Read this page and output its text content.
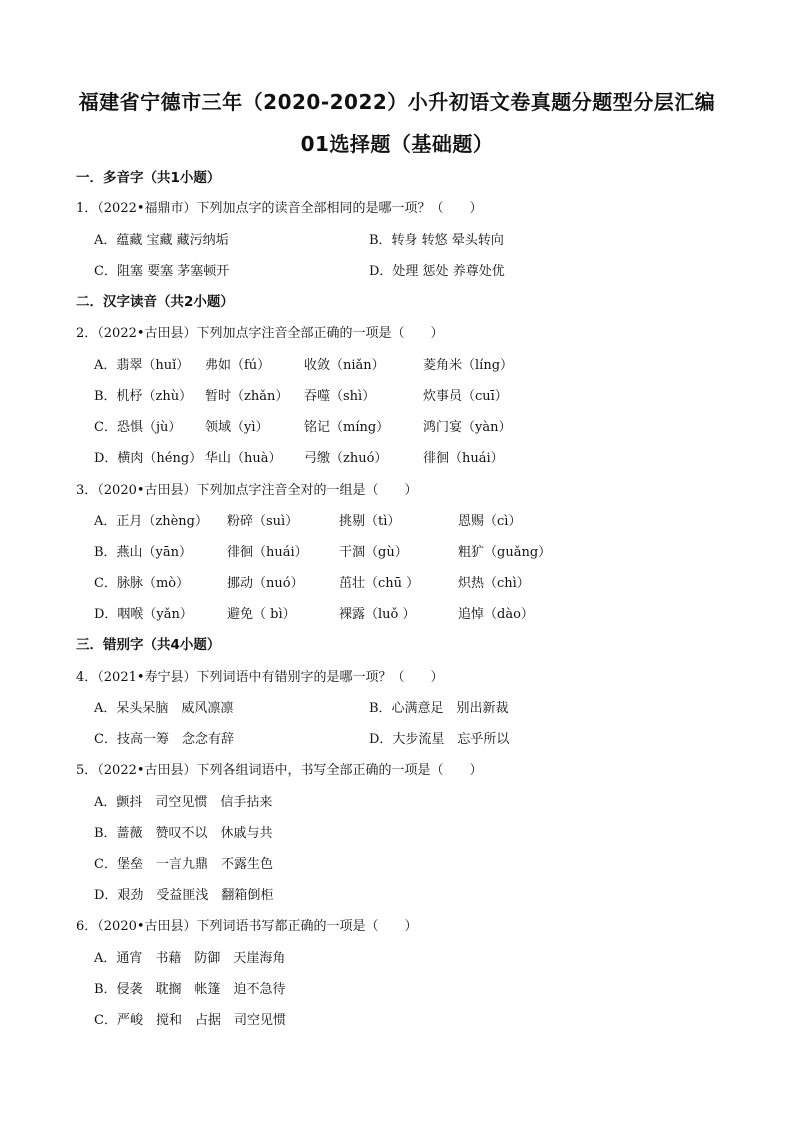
福建省宁德市三年（2020-2022）小升初语文卷真题分题型分层汇编
01选择题（基础题）
一．多音字（共1小题）
1．（2022•福鼎市）下列加点字的读音全部相同的是哪一项？（　　）
A．蕴藏 宝藏 藏污纳垢	B．转身 转悠 晕头转向
C．阻塞 要塞 茅塞顿开	D．处理 惩处 养尊处优
二．汉字读音（共2小题）
2．（2022•古田县）下列加点字注音全部正确的一项是（　　）
A．翡翠（huǐ） 弗如（fú）	收敛（niǎn）	菱角米（líng）
B．机杼（zhù） 暂时（zhǎn） 吞噬（shì）	炊事员（cuī）
C．恐惧（jù） 领域（yì）	铭记（míng）	鸿门宴（yàn）
D．横肉（héng） 华山（huà） 弓缴（zhuó）	徘徊（huái）
3．（2020•古田县）下列加点字注音全对的一组是（　　）
A．正月（zhèng） 粉碎（suì）	挑剔（tì）	恩赐（cì）
B．燕山（yān）	徘徊（huái） 干涸（gù）	粗犷（guǎng）
C．脉脉（mò）	挪动（nuó）	茁壮（chū ）	炽热（chì）
D．咽喉（yǎn）	避免（ bì）	裸露（luǒ ）	追悼（dào）
三．错别字（共4小题）
4．（2021•寿宁县）下列词语中有错别字的是哪一项？（　　）
A．呆头呆脑　威风凛凛	B．心满意足　别出新裁
C．技高一筹　念念有辞	D．大步流星　忘乎所以
5．（2022•古田县）下列各组词语中，书写全部正确的一项是（　　）
A．颤抖　司空见惯　信手拈来
B．蔷薇　赞叹不以　休戚与共
C．堡垒　一言九鼎　不露生色
D．艰劲　受益匪浅　翻箱倒柜
6．（2020•古田县）下列词语书写都正确的一项是（　　）
A．通宵　书藉　防御　天崖海角
B．侵袭　耽搁　帐篷　迫不急待
C．严峻　搅和　占据　司空见惯
